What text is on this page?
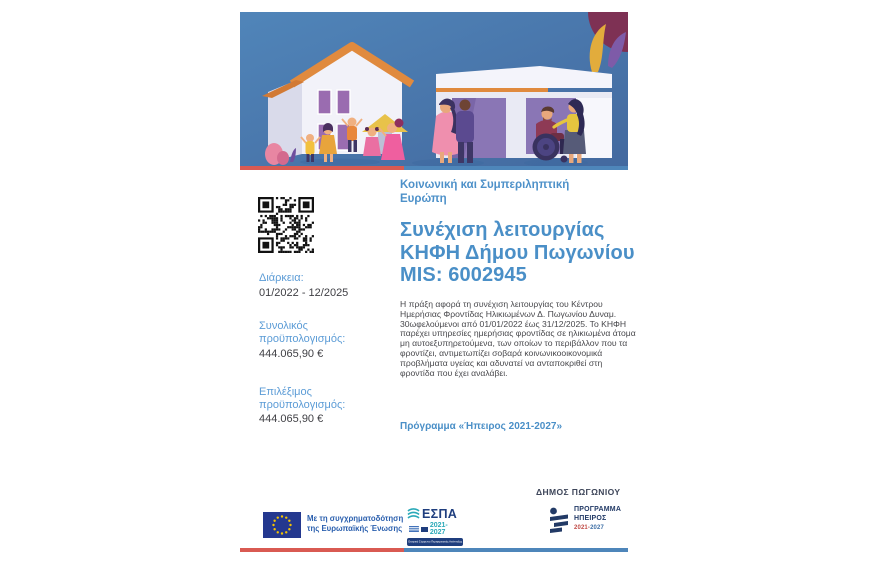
Διάρκεια:
01/2022 - 12/2025
Συνολικός προϋπολογισμός:
444.065,90 €
Επιλέξιμος προϋπολογισμός:
444.065,90 €
Κοινωνική και Συμπεριληπτική
Ευρώπη
Συνέχιση λειτουργίας
ΚΗΦΗ Δήμου Πωγωνίου
MIS: 6002945

Η πράξη αφορά τη συνέχιση λειτουργίας του Κέντρου Ημερήσιας Φροντίδας Ηλικιωμένων Δ. Πωγωνίου Δυναμ. 30ωφελούμενοι από 01/01/2022 έως 31/12/2025. Το ΚΗΦΗ παρέχει υπηρεσίες ημερήσιας φροντίδας σε ηλικιωμένα άτομα μη αυτοεξυπηρετούμενα, των οποίων το περιβάλλον που τα φροντίζει, αντιμετωπίζει σοβαρά κοινωνικοοικονομικά προβλήματα υγείας και αδυνατεί να ανταποκριθεί στη φροντίδα που έχει αναλάβει.

Πρόγραμμα «Ήπειρος 2021-2027»
Με τη συγχρηματοδότηση
της Ευρωπαϊκής Ένωσης
ΕΣΠΑ
2021-2027
Εταιρικό Σύμφωνο Περιφερειακής Ανάπτυξης
ΔΗΜΟΣ ΠΩΓΩΝΙΟΥ
ΠΡΟΓΡΑΜΜΑ
ΗΠΕΙΡΟΣ
2021-2027
